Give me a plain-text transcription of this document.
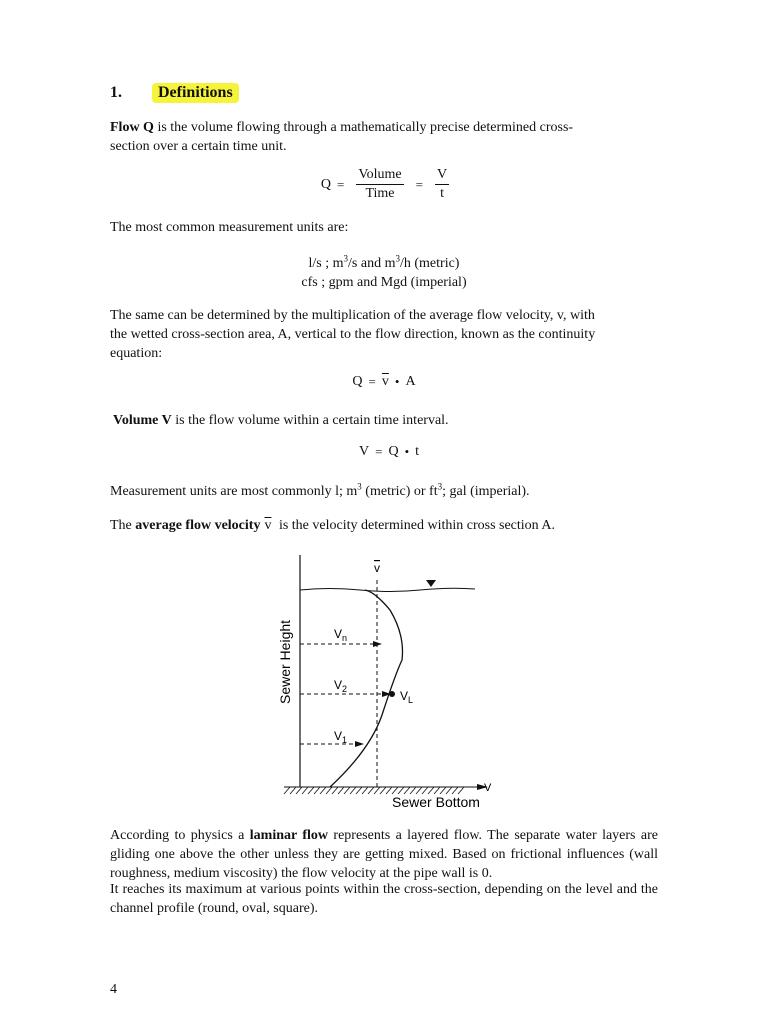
1. Definitions
Flow Q is the volume flowing through a mathematically precise determined cross-
section over a certain time unit.
$Q = \frac{\text{Volume}}{\text{Time}} = \frac{V}{t}$
The most common measurement units are:
l/s ; $m^3/s$ and $m^3/h$ (metric)
cfs ; gpm and Mgd (imperial)
The same can be determined by the multiplication of the average flow velocity, v, with
the wetted cross-section area, A, vertical to the flow direction, known as the continuity
equation:
$Q = \overline{v}$ • A
Volume V is the flow volume within a certain time interval.
V = Q • t
Measurement units are most commonly l; $m^3$ (metric) or $ft^3$; gal (imperial).
The average flow velocity $\overline{v}$ is the velocity determined within cross section A.
Sewer Height
Sewer Bottom
V
v
$V_n$
$V_2$
$V_1$
$V_L$
According to physics a laminar flow represents a layered flow. The separate water layers are gliding one above the other unless they are getting mixed. Based on frictional influences (wall roughness, medium viscosity) the flow velocity at the pipe wall is 0.
It reaches its maximum at various points within the cross-section, depending on the level and the channel profile (round, oval, square).
4
